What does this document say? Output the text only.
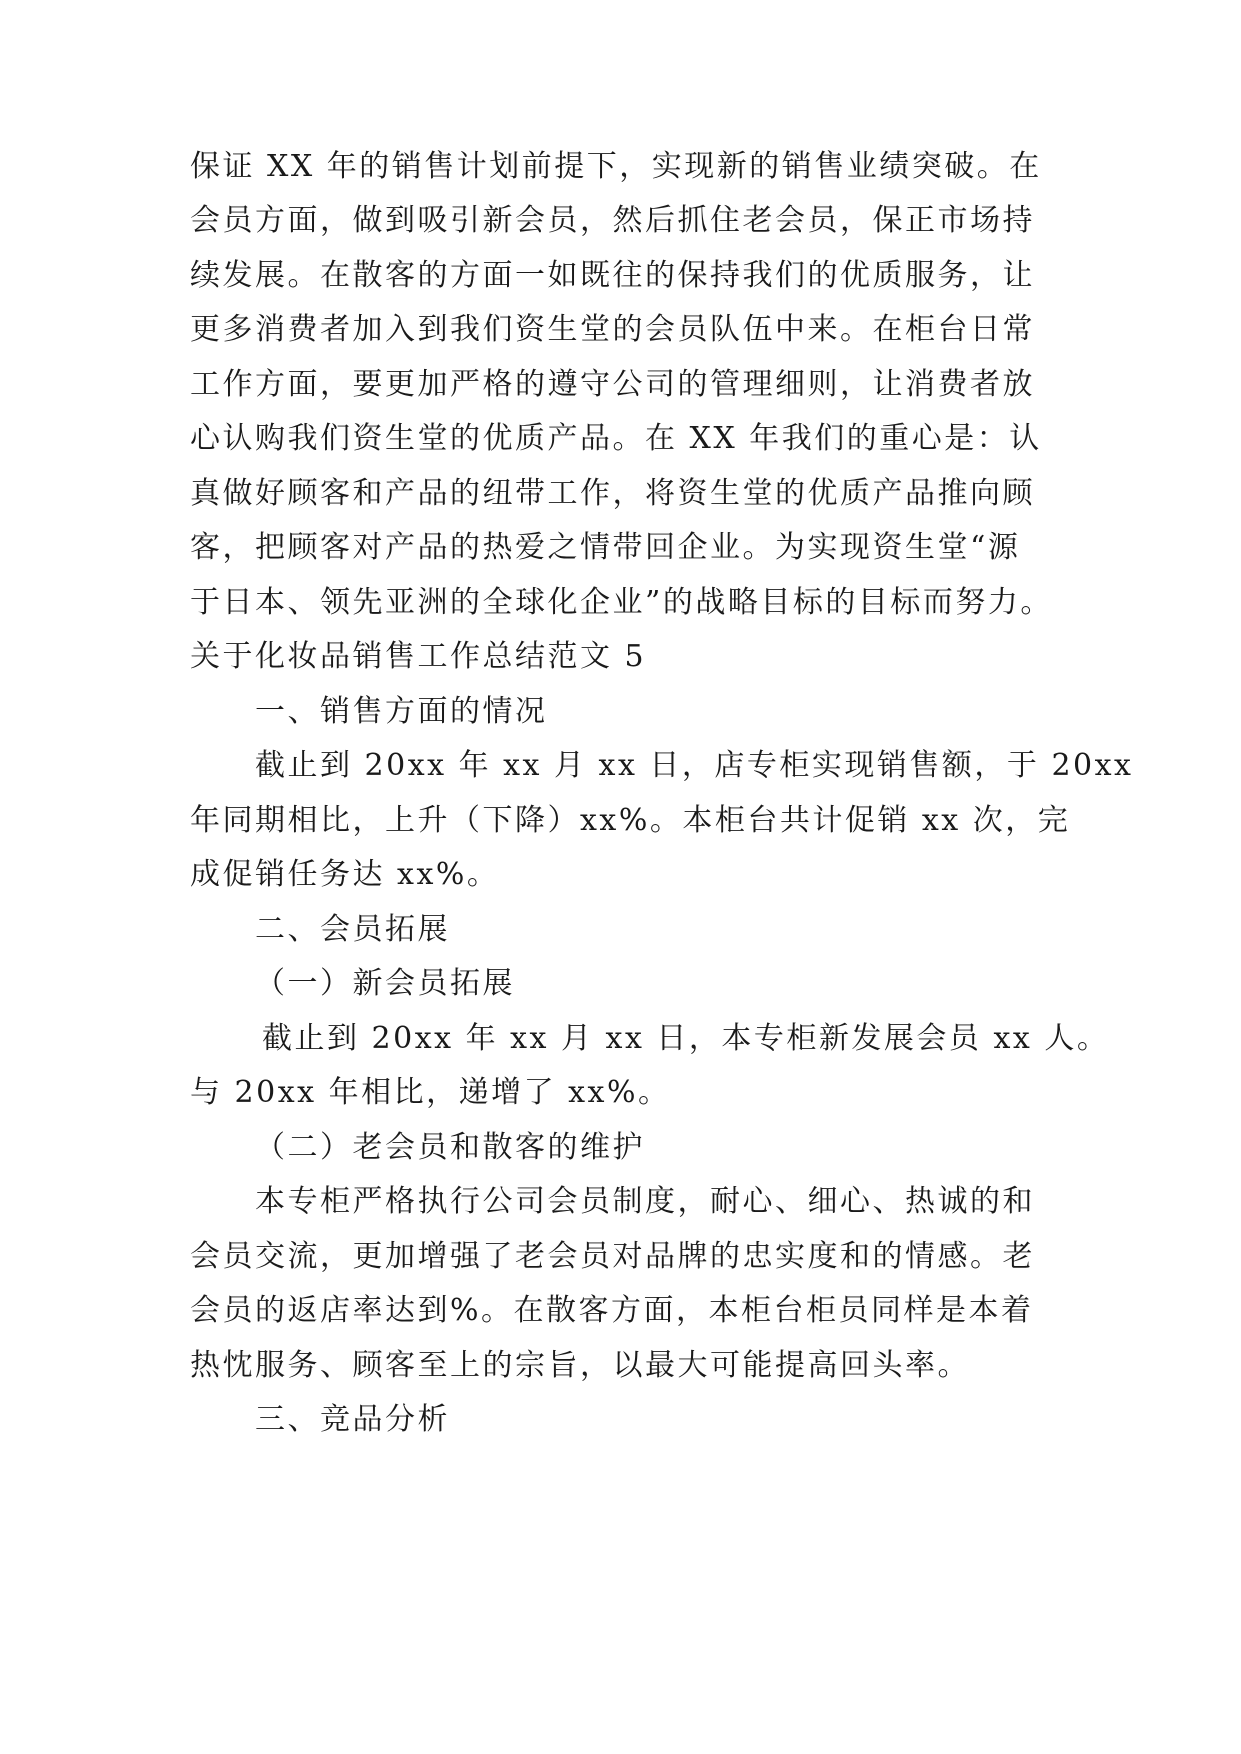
保证 XX 年的销售计划前提下，实现新的销售业绩突破。在
会员方面，做到吸引新会员，然后抓住老会员，保正市场持
续发展。在散客的方面一如既往的保持我们的优质服务，让
更多消费者加入到我们资生堂的会员队伍中来。在柜台日常
工作方面，要更加严格的遵守公司的管理细则，让消费者放
心认购我们资生堂的优质产品。在 XX 年我们的重心是：认
真做好顾客和产品的纽带工作，将资生堂的优质产品推向顾
客，把顾客对产品的热爱之情带回企业。为实现资生堂“源
于日本、领先亚洲的全球化企业”的战略目标的目标而努力。
关于化妆品销售工作总结范文 5
一、销售方面的情况
截止到 20xx 年 xx 月 xx 日，店专柜实现销售额，于 20xx
年同期相比，上升（下降）xx%。本柜台共计促销 xx 次，完
成促销任务达 xx%。
二、会员拓展
（一）新会员拓展
截止到 20xx 年 xx 月 xx 日，本专柜新发展会员 xx 人。
与 20xx 年相比，递增了 xx%。
（二）老会员和散客的维护
本专柜严格执行公司会员制度，耐心、细心、热诚的和
会员交流，更加增强了老会员对品牌的忠实度和的情感。老
会员的返店率达到%。在散客方面，本柜台柜员同样是本着
热忱服务、顾客至上的宗旨，以最大可能提高回头率。
三、竞品分析
